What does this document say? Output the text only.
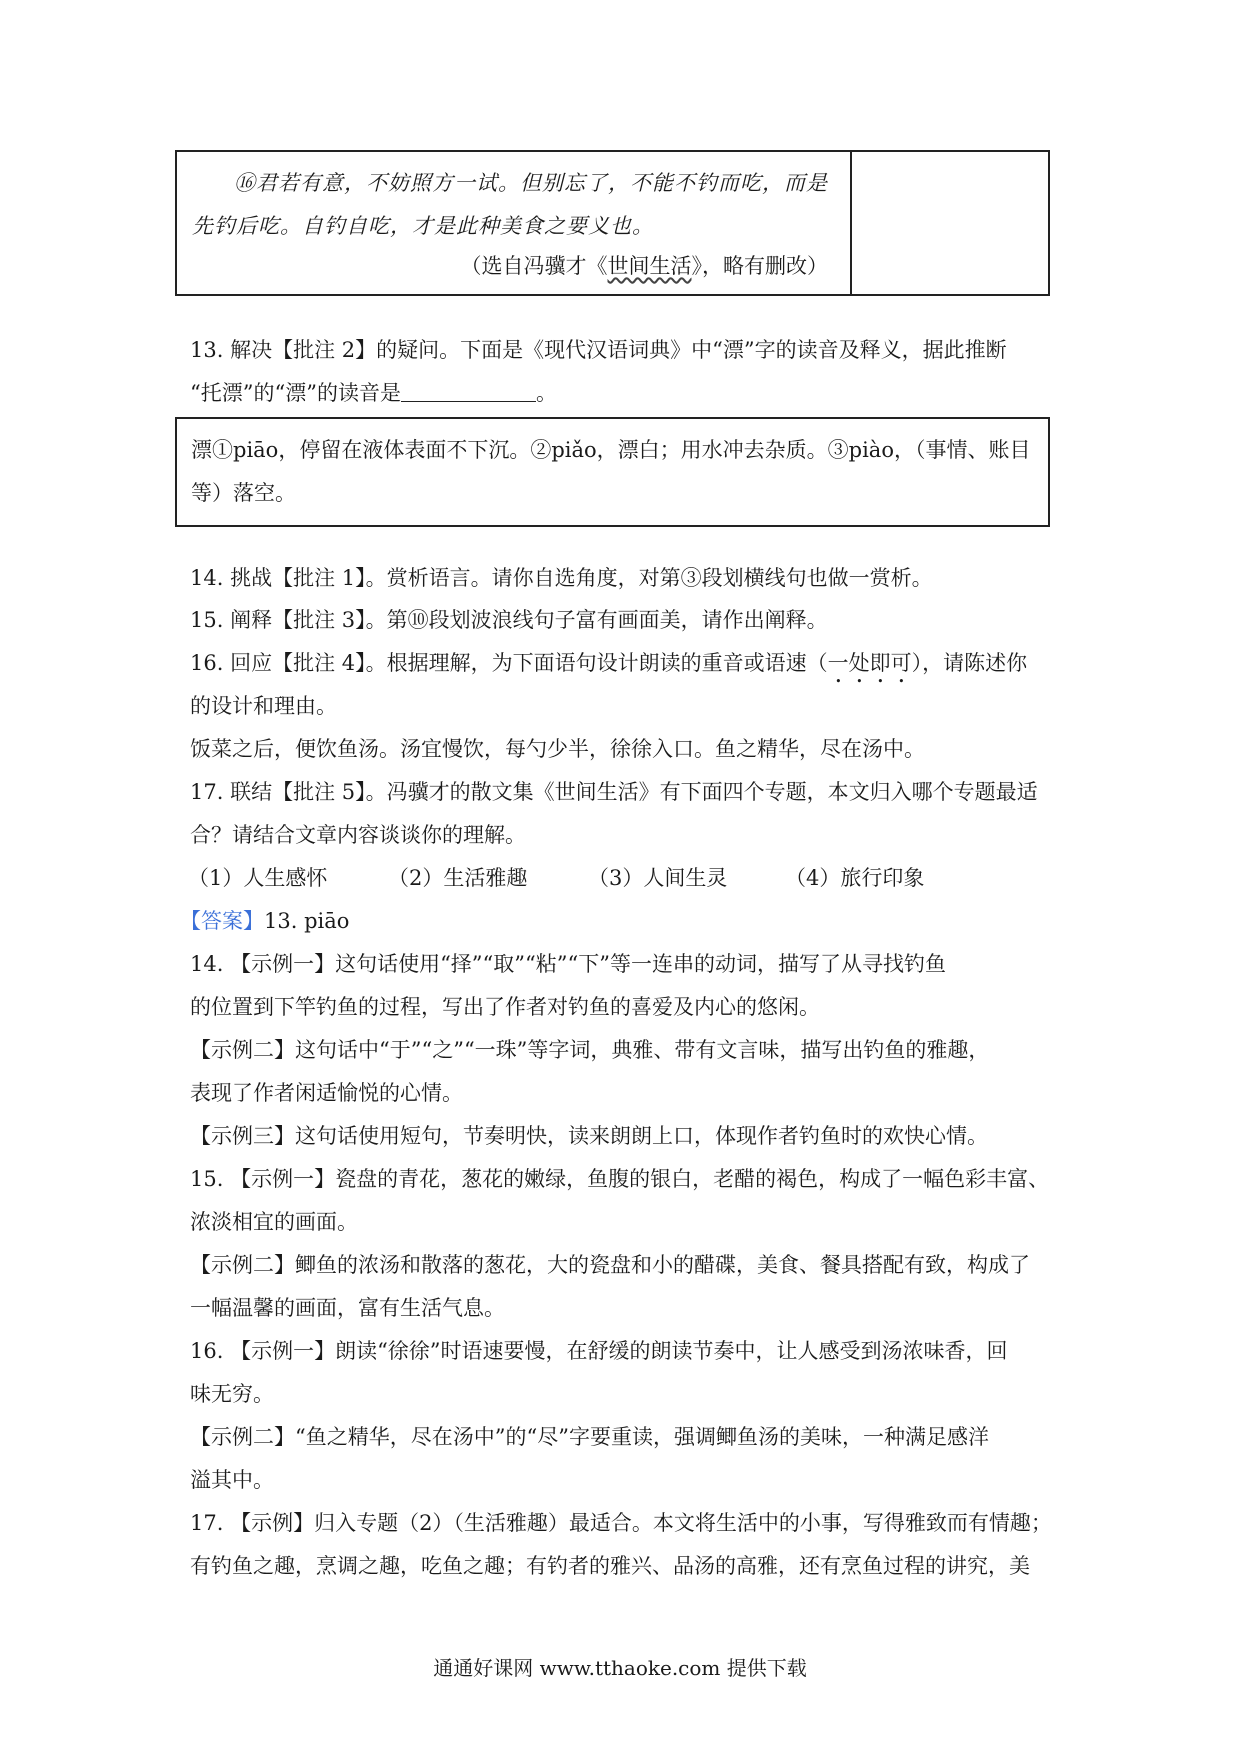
⑯君若有意，不妨照方一试。但别忘了，不能不钓而吃，而是
先钓后吃。自钓自吃，才是此种美食之要义也。
（选自冯骥才《世间生活》，略有删改）
13. 解决【批注 2】的疑问。下面是《现代汉语词典》中“漂”字的读音及释义，据此推断
“托漂”的“漂”的读音是	。
漂①piāo，停留在液体表面不下沉。②piǎo，漂白；用水冲去杂质。③piào，（事情、账目
等）落空。
14. 挑战【批注 1】。赏析语言。请你自选角度，对第③段划横线句也做一赏析。
15. 阐释【批注 3】。第⑩段划波浪线句子富有画面美，请作出阐释。
16. 回应【批注 4】。根据理解，为下面语句设计朗读的重音或语速（一处即可），请陈述你
的设计和理由。
饭菜之后，便饮鱼汤。汤宜慢饮，每勺少半，徐徐入口。鱼之精华，尽在汤中。
17. 联结【批注 5】。冯骥才的散文集《世间生活》有下面四个专题，本文归入哪个专题最适
合？请结合文章内容谈谈你的理解。
（1）人生感怀	（2）生活雅趣	（3）人间生灵	（4）旅行印象
【答案】13. piāo
14. 【示例一】这句话使用“择”“取”“粘”“下”等一连串的动词，描写了从寻找钓鱼
的位置到下竿钓鱼的过程，写出了作者对钓鱼的喜爱及内心的悠闲。
【示例二】这句话中“于”“之”“一珠”等字词，典雅、带有文言味，描写出钓鱼的雅趣，
表现了作者闲适愉悦的心情。
【示例三】这句话使用短句，节奏明快，读来朗朗上口，体现作者钓鱼时的欢快心情。
15. 【示例一】瓷盘的青花，葱花的嫩绿，鱼腹的银白，老醋的褐色，构成了一幅色彩丰富、
浓淡相宜的画面。
【示例二】鲫鱼的浓汤和散落的葱花，大的瓷盘和小的醋碟，美食、餐具搭配有致，构成了
一幅温馨的画面，富有生活气息。
16. 【示例一】朗读“徐徐”时语速要慢，在舒缓的朗读节奏中，让人感受到汤浓味香，回
味无穷。
【示例二】“鱼之精华，尽在汤中”的“尽”字要重读，强调鲫鱼汤的美味，一种满足感洋
溢其中。
17. 【示例】归入专题（2）（生活雅趣）最适合。本文将生活中的小事，写得雅致而有情趣；
有钓鱼之趣，烹调之趣，吃鱼之趣；有钓者的雅兴、品汤的高雅，还有烹鱼过程的讲究，美
通通好课网 www.tthaoke.com 提供下载
